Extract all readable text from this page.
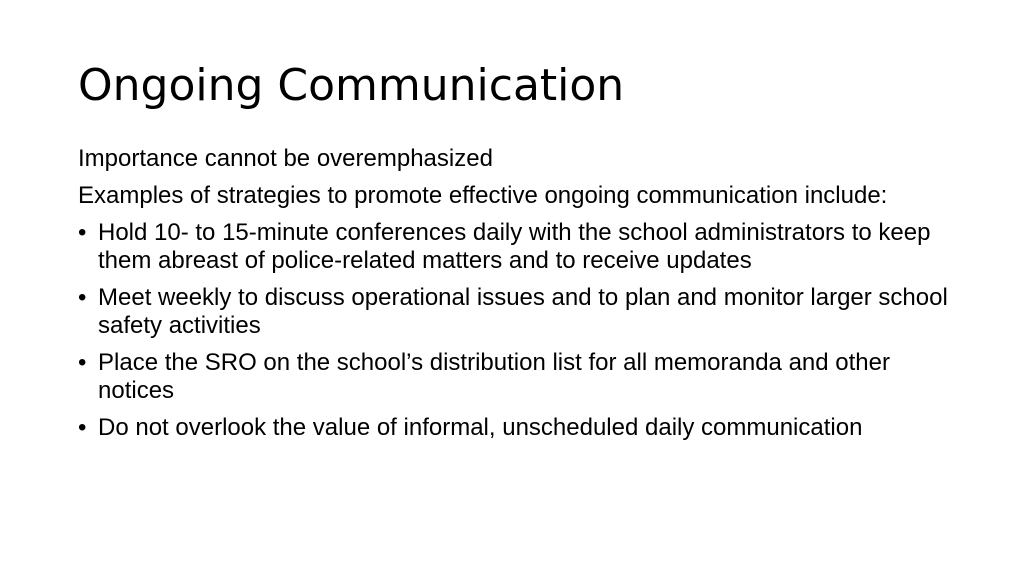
Ongoing Communication

Importance cannot be overemphasized

Examples of strategies to promote effective ongoing communication include:

• Hold 10- to 15-minute conferences daily with the school administrators to keep them abreast of police-related matters and to receive updates
• Meet weekly to discuss operational issues and to plan and monitor larger school safety activities
• Place the SRO on the school’s distribution list for all memoranda and other notices
• Do not overlook the value of informal, unscheduled daily communication
